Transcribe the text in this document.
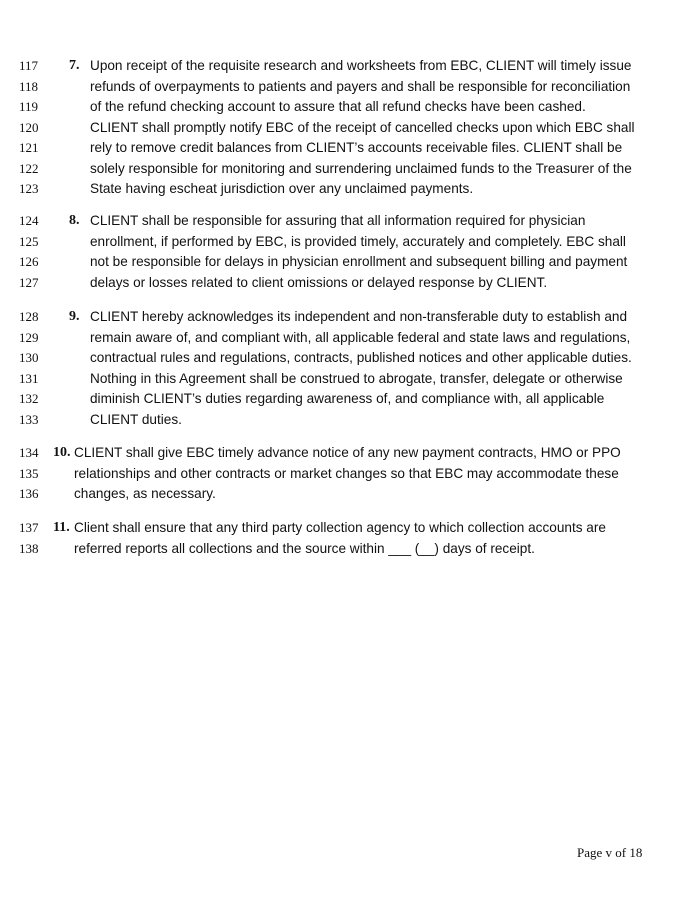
7.
117	Upon receipt of the requisite research and worksheets from EBC, CLIENT will timely issue
118	refunds of overpayments to patients and payers and shall be responsible for reconciliation
119	of the refund checking account to assure that all refund checks have been cashed.
120	CLIENT shall promptly notify EBC of the receipt of cancelled checks upon which EBC shall
121	rely to remove credit balances from CLIENT’s accounts receivable files. CLIENT shall be
122	solely responsible for monitoring and surrendering unclaimed funds to the Treasurer of the
123	State having escheat jurisdiction over any unclaimed payments.
8.
124	CLIENT shall be responsible for assuring that all information required for physician
125	enrollment, if performed by EBC, is provided timely, accurately and completely. EBC shall
126	not be responsible for delays in physician enrollment and subsequent billing and payment
127	delays or losses related to client omissions or delayed response by CLIENT.
9.
128	CLIENT hereby acknowledges its independent and non-transferable duty to establish and
129	remain aware of, and compliant with, all applicable federal and state laws and regulations,
130	contractual rules and regulations, contracts, published notices and other applicable duties.
131	Nothing in this Agreement shall be construed to abrogate, transfer, delegate or otherwise
132	diminish CLIENT’s duties regarding awareness of, and compliance with, all applicable
133	CLIENT duties.
10.
134	CLIENT shall give EBC timely advance notice of any new payment contracts, HMO or PPO
135	relationships and other contracts or market changes so that EBC may accommodate these
136	changes, as necessary.
11.
137	Client shall ensure that any third party collection agency to which collection accounts are
138	referred reports all collections and the source within ___ (__) days of receipt.
Page v of 18
